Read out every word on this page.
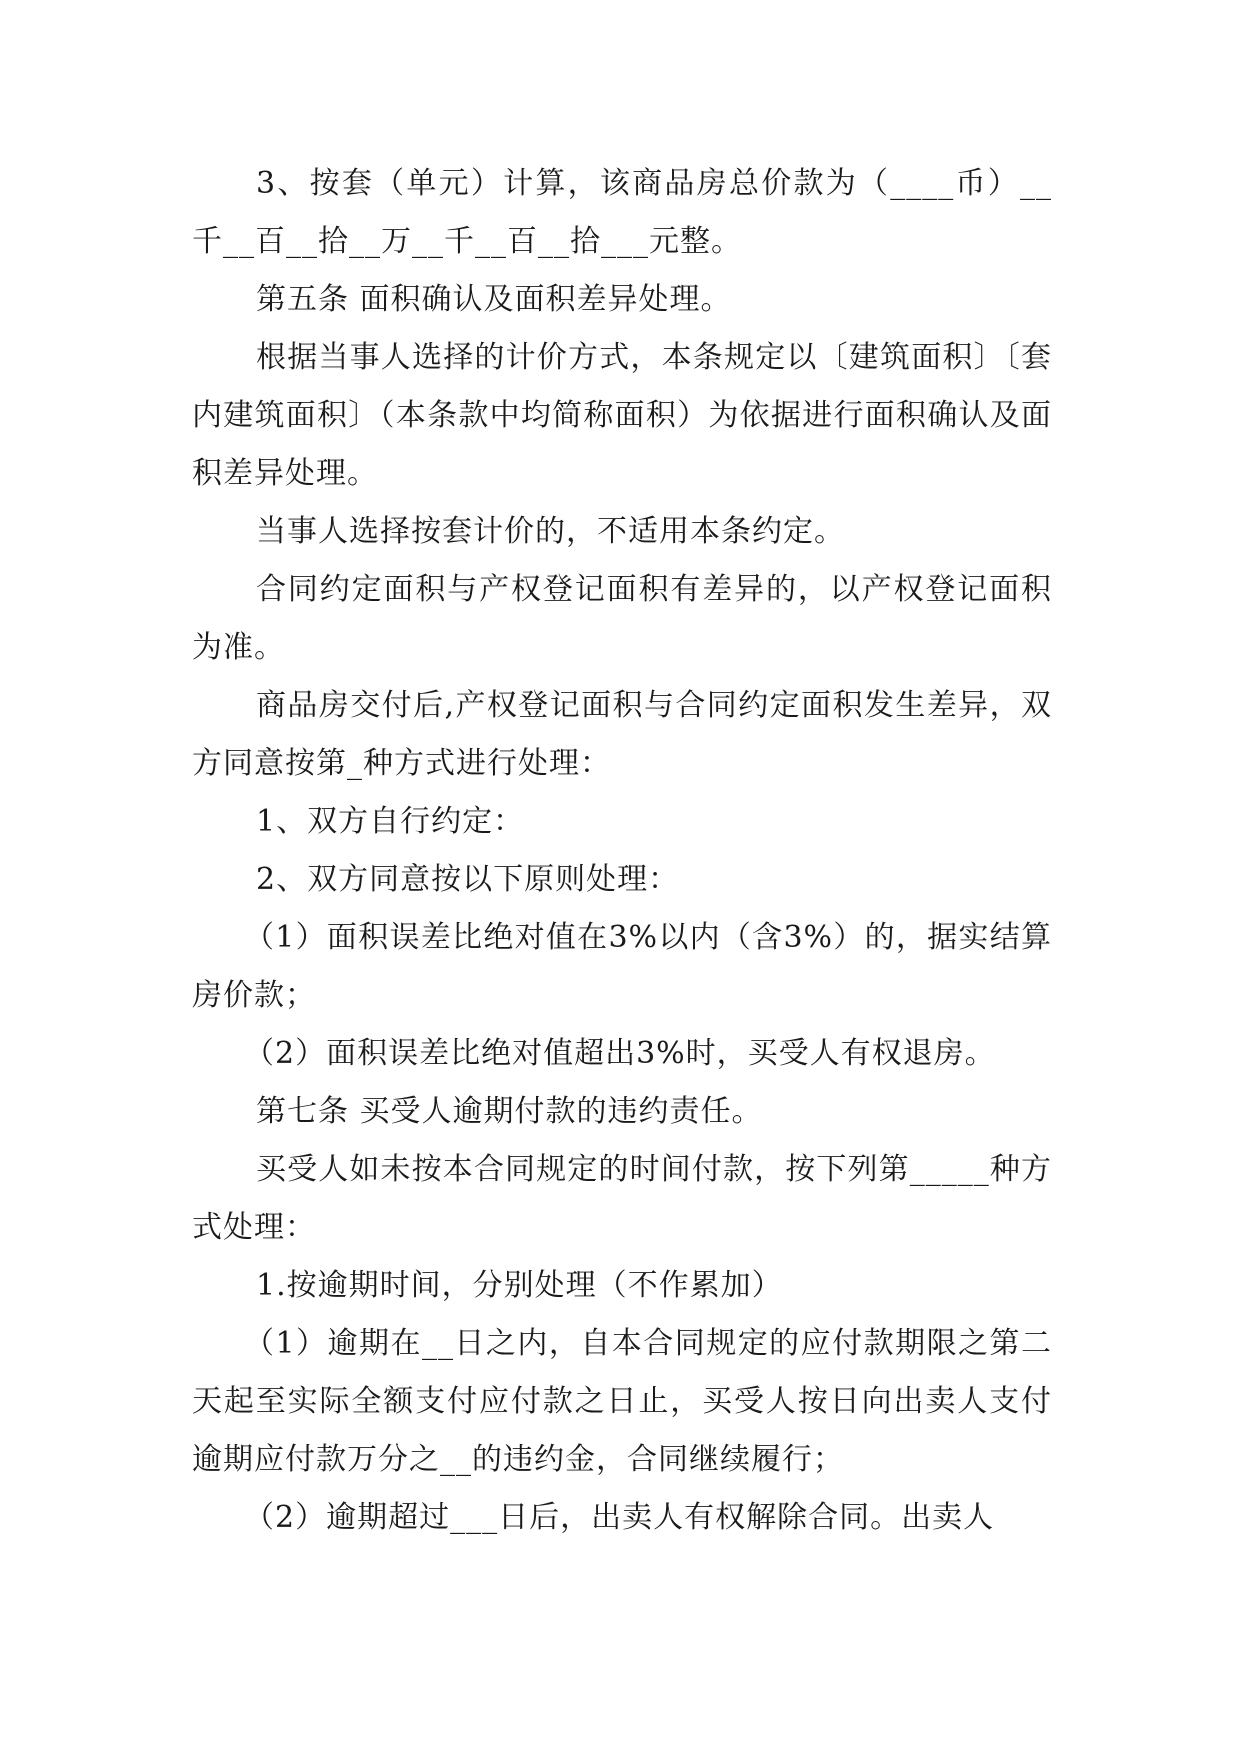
3、按套（单元）计算，该商品房总价款为（____币）__千__百__拾__万__千__百__拾___元整。

第五条 面积确认及面积差异处理。

根据当事人选择的计价方式，本条规定以〔建筑面积〕〔套内建筑面积〕（本条款中均简称面积）为依据进行面积确认及面积差异处理。

当事人选择按套计价的，不适用本条约定。

合同约定面积与产权登记面积有差异的，以产权登记面积为准。

商品房交付后,产权登记面积与合同约定面积发生差异，双方同意按第_种方式进行处理：

1、双方自行约定：

2、双方同意按以下原则处理：

（1）面积误差比绝对值在3%以内（含3%）的，据实结算房价款；

（2）面积误差比绝对值超出3%时，买受人有权退房。

第七条 买受人逾期付款的违约责任。

买受人如未按本合同规定的时间付款，按下列第_____种方式处理：

1.按逾期时间，分别处理（不作累加）

（1）逾期在__日之内，自本合同规定的应付款期限之第二天起至实际全额支付应付款之日止，买受人按日向出卖人支付逾期应付款万分之__的违约金，合同继续履行；

（2）逾期超过___日后，出卖人有权解除合同。出卖人
